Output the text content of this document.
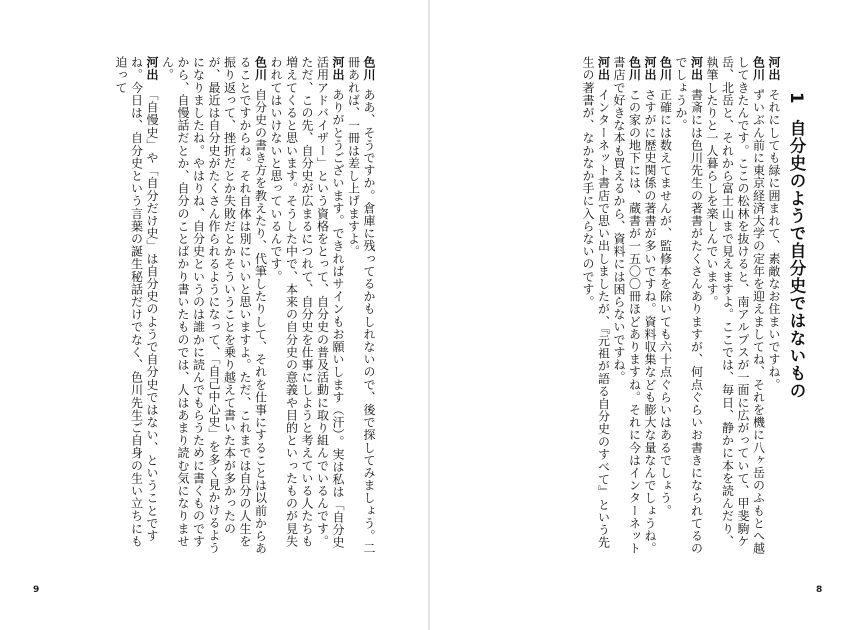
1自分史のようで自分史ではないもの
河出それにしても緑に囲まれて、素敵なお住まいですね。
色川ずいぶん前に東京経済大学の定年を迎えましてね、それを機に八ヶ岳のふもとへ越してきたんです。ここの松林を抜けると、南アルプスが一面に広がっていて、甲斐駒ケ岳、北岳と、それから富士山まで見えますよ。ここでは、毎日、静かに本を読んだり、執筆したりと一人暮らしを楽しんでいます。
河出書斎には色川先生の著書がたくさんありますが、何点ぐらいお書きになられてるのでしょうか。
色川正確には数えてませんが、監修本を除いても六十点ぐらいはあるでしょう。
河出さすがに歴史関係の著書が多いですね。資料収集なども膨大な量なんでしょうね。
色川この家の地下には、蔵書が一五〇〇冊ほどありますね。それに今はインターネット書店で好きな本も買えるから、資料には困らないですね。
河出インターネット書店で思い出しましたが、『元祖が語る自分史のすべて』という先生の著書が、なかなか手に入らないのです。
色川ああ、そうですか。倉庫に残ってるかもしれないので、後で探してみましょう。二冊あれば、一冊は差し上げますよ。
河出ありがとうございます。できればサインもお願いします（汗）。実は私は「自分史活用アドバイザー」という資格をとって、自分史の普及活動に取り組んでいるんです。ただ、この先、自分史が広まるにつれて、自分史を仕事にしようと考えている人たちも増えてくると思います。そうした中で、本来の自分史の意義や目的といったものが見失われてはいけないと思っているんです。
色川自分史の書き方を教えたり、代筆したりして、それを仕事にすることは以前からあることですからね。それ自体は別にいいと思いますよ。ただ、これまでは自分の人生を振り返って、挫折だとか失敗だとかそういうことを乗り越えて書いた本が多かったのが、最近は自分史がたくさん作られるようになって、「自己中心史」を多く見かけるようになりましたね。やはりね、自分史というのは誰かに読んでもらうために書くものですから、自慢話だとか、自分のことばかり書いたものでは、人はあまり読む気になりません。
河出「自慢史」や「自分だけ史」は自分史のようで自分史ではない、ということですね。今日は、自分史という言葉の誕生秘話だけでなく、色川先生ご自身の生い立ちにも迫って
9	8
